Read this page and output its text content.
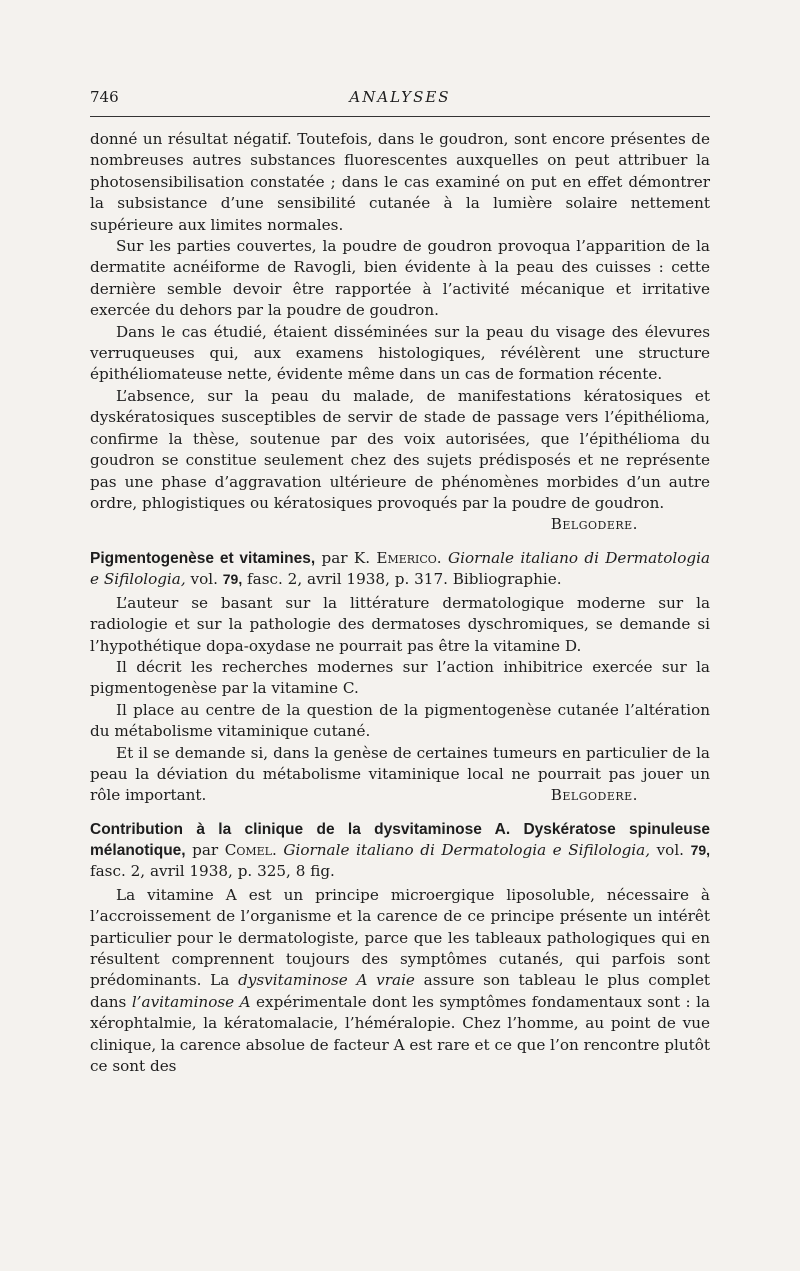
746	ANALYSES

donné un résultat négatif. Toutefois, dans le goudron, sont encore présentes de nombreuses autres substances fluorescentes auxquelles on peut attribuer la photosensibilisation constatée ; dans le cas examiné on put en effet démontrer la subsistance d’une sensibilité cutanée à la lumière solaire nettement supérieure aux limites normales.

Sur les parties couvertes, la poudre de goudron provoqua l’apparition de la dermatite acnéiforme de Ravogli, bien évidente à la peau des cuisses : cette dernière semble devoir être rapportée à l’activité mécanique et irritative exercée du dehors par la poudre de goudron.

Dans le cas étudié, étaient disséminées sur la peau du visage des élevures verruqueuses qui, aux examens histologiques, révélèrent une structure épithéliomateuse nette, évidente même dans un cas de formation récente.

L’absence, sur la peau du malade, de manifestations kératosiques et dyskératosiques susceptibles de servir de stade de passage vers l’épithélioma, confirme la thèse, soutenue par des voix autorisées, que l’épithélioma du goudron se constitue seulement chez des sujets prédisposés et ne représente pas une phase d’aggravation ultérieure de phénomènes morbides d’un autre ordre, phlogistiques ou kératosiques provoqués par la poudre de goudron.
Belgodere.

Pigmentogenèse et vitamines, par K. Emerico. Giornale italiano di Dermatologia e Sifilologia, vol. 79, fasc. 2, avril 1938, p. 317. Bibliographie.

L’auteur se basant sur la littérature dermatologique moderne sur la radiologie et sur la pathologie des dermatoses dyschromiques, se demande si l’hypothétique dopa-oxydase ne pourrait pas être la vitamine D.

Il décrit les recherches modernes sur l’action inhibitrice exercée sur la pigmentogenèse par la vitamine C.

Il place au centre de la question de la pigmentogenèse cutanée l’altération du métabolisme vitaminique cutané.

Et il se demande si, dans la genèse de certaines tumeurs en particulier de la peau la déviation du métabolisme vitaminique local ne pourrait pas jouer un rôle important.	Belgodere.

Contribution à la clinique de la dysvitaminose A. Dyskératose spinuleuse mélanotique, par Comel. Giornale italiano di Dermatologia e Sifilologia, vol. 79, fasc. 2, avril 1938, p. 325, 8 fig.

La vitamine A est un principe microergique liposoluble, nécessaire à l’accroissement de l’organisme et la carence de ce principe présente un intérêt particulier pour le dermatologiste, parce que les tableaux pathologiques qui en résultent comprennent toujours des symptômes cutanés, qui parfois sont prédominants. La dysvitaminose A vraie assure son tableau le plus complet dans l’avitaminose A expérimentale dont les symptômes fondamentaux sont : la xérophtalmie, la kératomalacie, l’héméralopie. Chez l’homme, au point de vue clinique, la carence absolue de facteur A est rare et ce que l’on rencontre plutôt ce sont des
